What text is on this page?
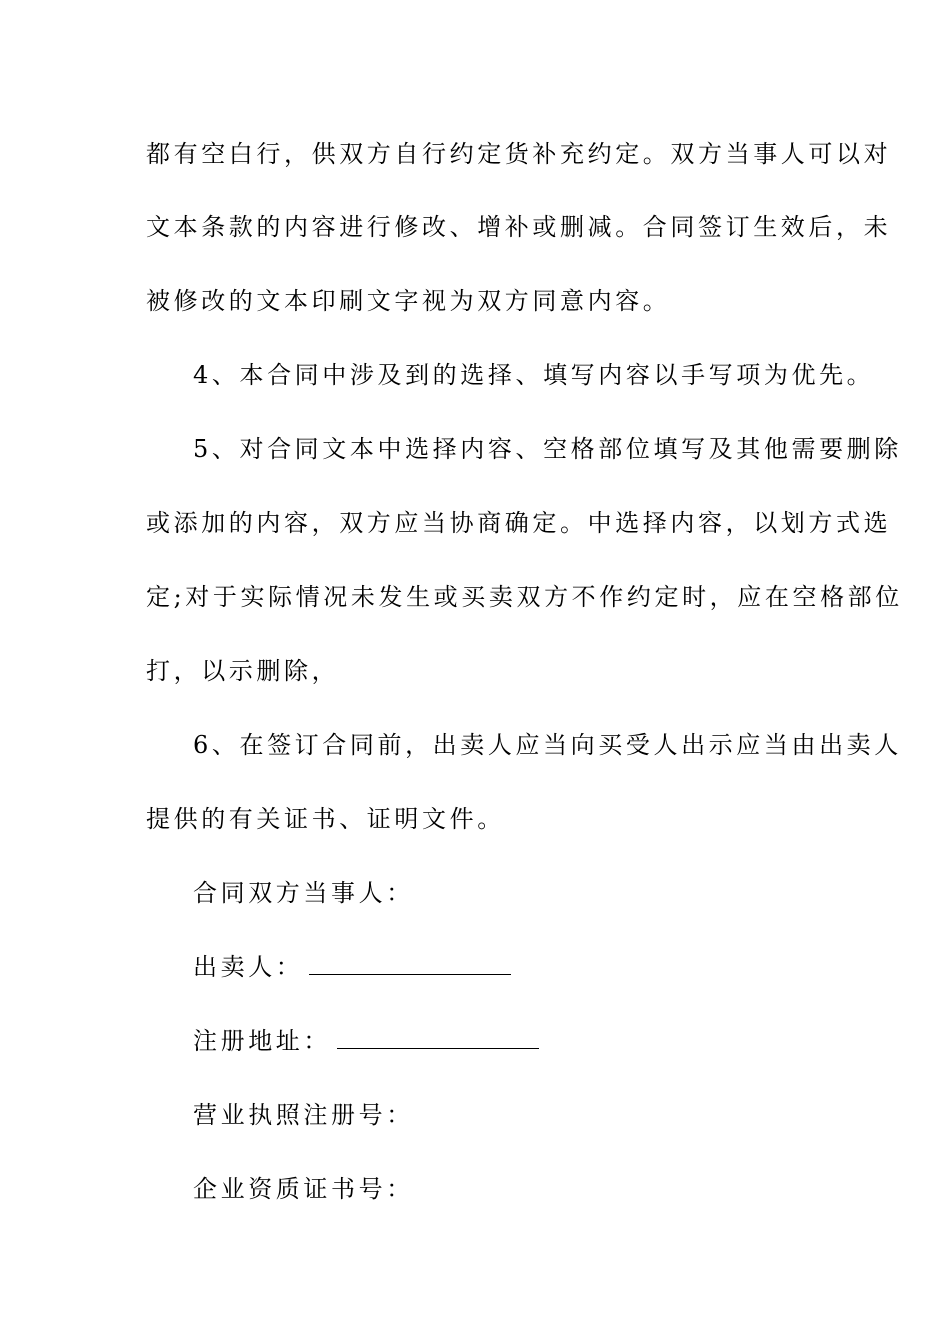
都有空白行，供双方自行约定货补充约定。双方当事人可以对
文本条款的内容进行修改、增补或删减。合同签订生效后，未
被修改的文本印刷文字视为双方同意内容。
4、本合同中涉及到的选择、填写内容以手写项为优先。
5、对合同文本中选择内容、空格部位填写及其他需要删除
或添加的内容，双方应当协商确定。中选择内容，以划方式选
定;对于实际情况未发生或买卖双方不作约定时，应在空格部位
打，以示删除，
6、在签订合同前，出卖人应当向买受人出示应当由出卖人
提供的有关证书、证明文件。
合同双方当事人：
出卖人：
注册地址：
营业执照注册号：
企业资质证书号：
